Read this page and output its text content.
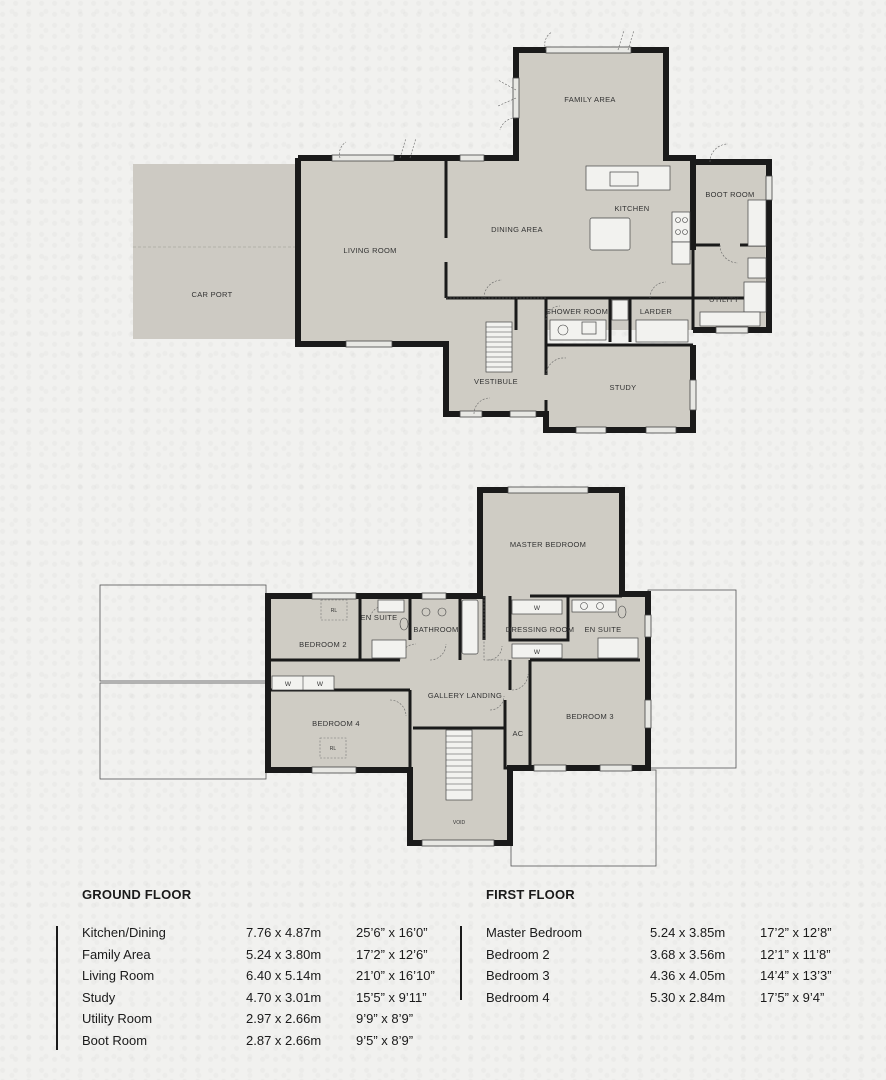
FAMILY AREA
BOOT ROOM
KITCHEN
DINING AREA
LIVING ROOM
CAR PORT
UTILITY
SHOWER ROOM	LARDER
VESTIBULE
STUDY
MASTER BEDROOM
EN SUITE
BATHROOM	DRESSING ROOM EN SUITE
BEDROOM 2
GALLERY LANDING
BEDROOM 3
BEDROOM 4
AC
VOID
RL
RL
W	W
W
W
GROUND FLOOR	FIRST FLOOR
Kitchen/Dining	7.76 x 4.87m	25’6” x 16’0”
Family Area	5.24 x 3.80m	17’2” x 12’6”
Living Room	6.40 x 5.14m	21’0” x 16’10”
Study	4.70 x 3.01m	15’5” x 9’11”
Utility Room	2.97 x 2.66m	9’9” x 8’9”
Boot Room	2.87 x 2.66m	9’5” x 8’9”
Master Bedroom	5.24 x 3.85m	17’2” x 12’8”
Bedroom 2	3.68 x 3.56m	12’1” x 11’8”
Bedroom 3	4.36 x 4.05m	14’4” x 13’3”
Bedroom 4	5.30 x 2.84m	17’5” x 9’4”
